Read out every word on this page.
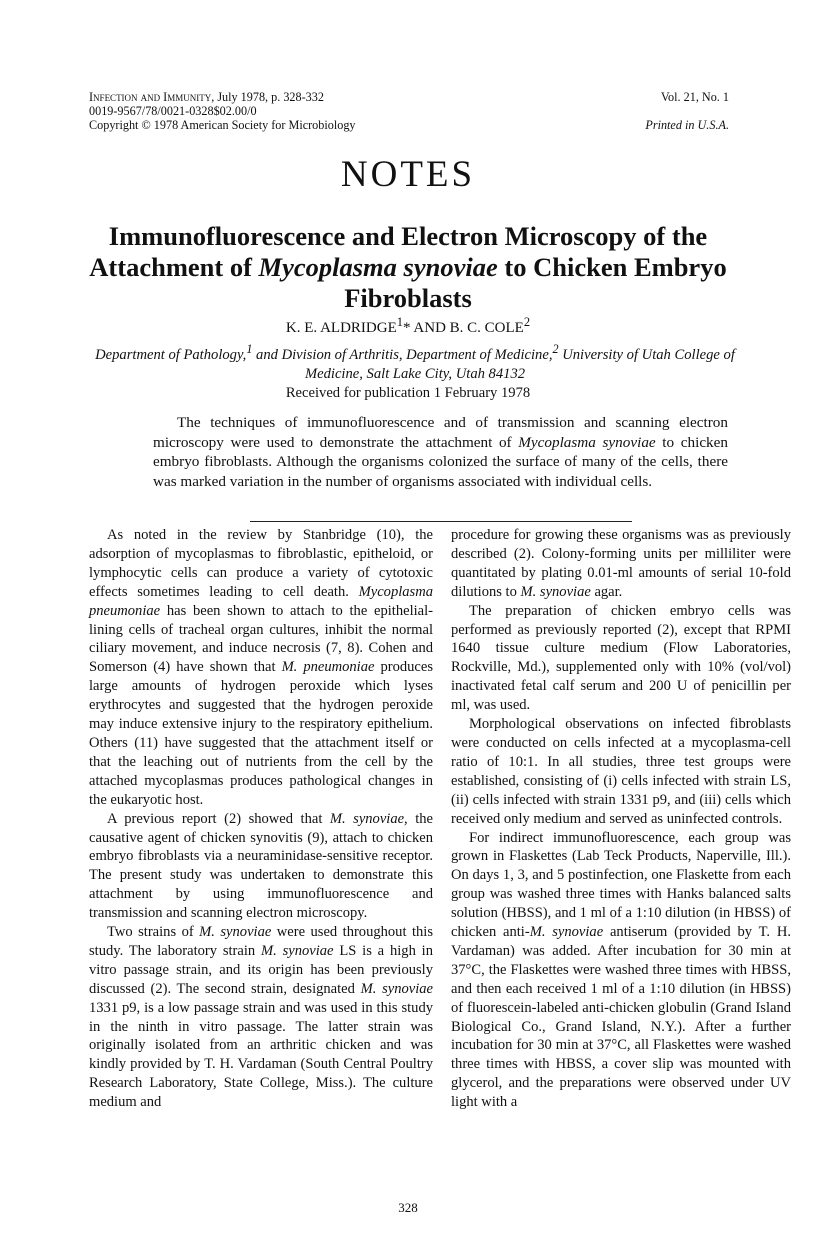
Infection and Immunity, July 1978, p. 328-332	Vol. 21, No. 1
0019-9567/78/0021-0328$02.00/0
Copyright © 1978 American Society for Microbiology	Printed in U.S.A.
NOTES
Immunofluorescence and Electron Microscopy of the Attachment of Mycoplasma synoviae to Chicken Embryo Fibroblasts
K. E. ALDRIDGE$^1$* AND B. C. COLE$^2$
Department of Pathology,$^1$ and Division of Arthritis, Department of Medicine,$^2$ University of Utah College of Medicine, Salt Lake City, Utah 84132
Received for publication 1 February 1978

The techniques of immunofluorescence and of transmission and scanning electron microscopy were used to demonstrate the attachment of Mycoplasma synoviae to chicken embryo fibroblasts. Although the organisms colonized the surface of many of the cells, there was marked variation in the number of organisms associated with individual cells.

As noted in the review by Stanbridge (10), the adsorption of mycoplasmas to fibroblastic, epitheloid, or lymphocytic cells can produce a variety of cytotoxic effects sometimes leading to cell death. Mycoplasma pneumoniae has been shown to attach to the epithelial-lining cells of tracheal organ cultures, inhibit the normal ciliary movement, and induce necrosis (7, 8). Cohen and Somerson (4) have shown that M. pneumoniae produces large amounts of hydrogen peroxide which lyses erythrocytes and suggested that the hydrogen peroxide may induce extensive injury to the respiratory epithelium. Others (11) have suggested that the attachment itself or that the leaching out of nutrients from the cell by the attached mycoplasmas produces pathological changes in the eukaryotic host.

A previous report (2) showed that M. synoviae, the causative agent of chicken synovitis (9), attach to chicken embryo fibroblasts via a neuraminidase-sensitive receptor. The present study was undertaken to demonstrate this attachment by using immunofluorescence and transmission and scanning electron microscopy.

Two strains of M. synoviae were used throughout this study. The laboratory strain M. synoviae LS is a high in vitro passage strain, and its origin has been previously discussed (2). The second strain, designated M. synoviae 1331 p9, is a low passage strain and was used in this study in the ninth in vitro passage. The latter strain was originally isolated from an arthritic chicken and was kindly provided by T. H. Vardaman (South Central Poultry Research Laboratory, State College, Miss.). The culture medium and

procedure for growing these organisms was as previously described (2). Colony-forming units per milliliter were quantitated by plating 0.01-ml amounts of serial 10-fold dilutions to M. synoviae agar.

The preparation of chicken embryo cells was performed as previously reported (2), except that RPMI 1640 tissue culture medium (Flow Laboratories, Rockville, Md.), supplemented only with 10% (vol/vol) inactivated fetal calf serum and 200 U of penicillin per ml, was used.

Morphological observations on infected fibroblasts were conducted on cells infected at a mycoplasma-cell ratio of 10:1. In all studies, three test groups were established, consisting of (i) cells infected with strain LS, (ii) cells infected with strain 1331 p9, and (iii) cells which received only medium and served as uninfected controls.

For indirect immunofluorescence, each group was grown in Flaskettes (Lab Teck Products, Naperville, Ill.). On days 1, 3, and 5 postinfection, one Flaskette from each group was washed three times with Hanks balanced salts solution (HBSS), and 1 ml of a 1:10 dilution (in HBSS) of chicken anti-M. synoviae antiserum (provided by T. H. Vardaman) was added. After incubation for 30 min at 37°C, the Flaskettes were washed three times with HBSS, and then each received 1 ml of a 1:10 dilution (in HBSS) of fluorescein-labeled anti-chicken globulin (Grand Island Biological Co., Grand Island, N.Y.). After a further incubation for 30 min at 37°C, all Flaskettes were washed three times with HBSS, a cover slip was mounted with glycerol, and the preparations were observed under UV light with a

328
